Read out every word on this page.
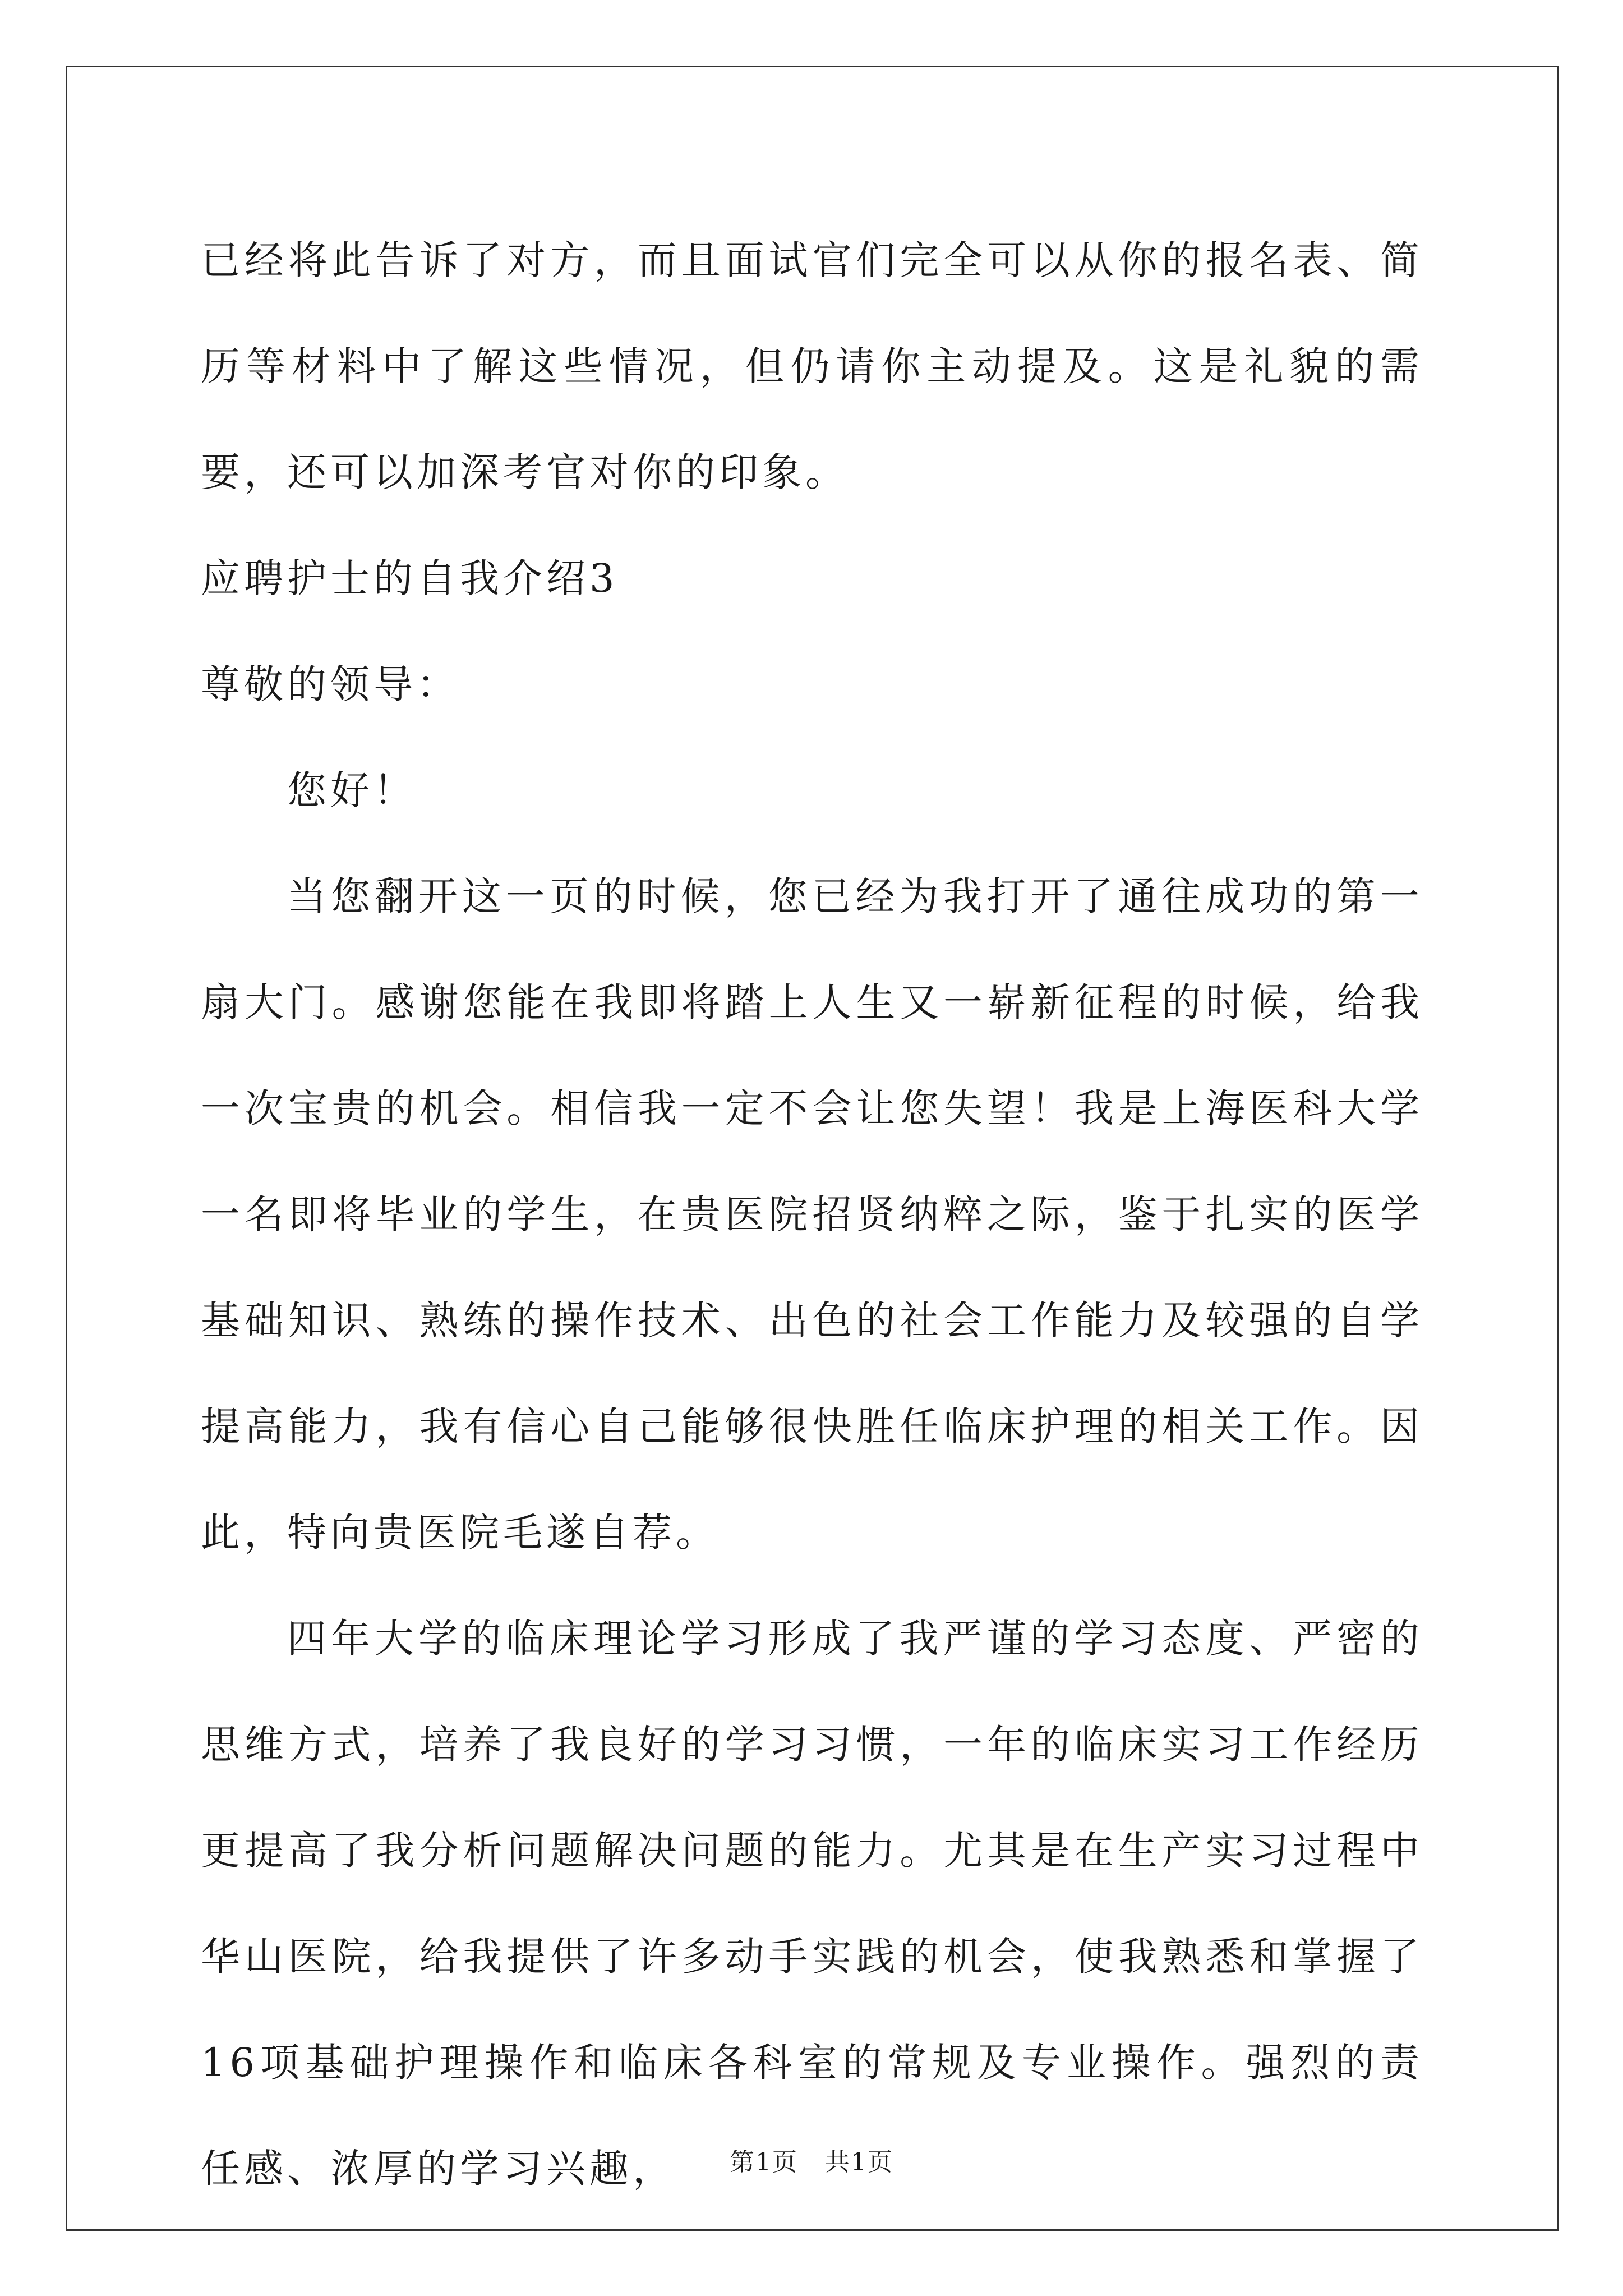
已经将此告诉了对方，而且面试官们完全可以从你的报名表、简历等材料中了解这些情况，但仍请你主动提及。这是礼貌的需要，还可以加深考官对你的印象。

应聘护士的自我介绍3

尊敬的领导：

您好！

当您翻开这一页的时候，您已经为我打开了通往成功的第一扇大门。感谢您能在我即将踏上人生又一崭新征程的时候，给我一次宝贵的机会。相信我一定不会让您失望！我是上海医科大学一名即将毕业的学生，在贵医院招贤纳粹之际，鉴于扎实的医学基础知识、熟练的操作技术、出色的社会工作能力及较强的自学提高能力，我有信心自己能够很快胜任临床护理的相关工作。因此，特向贵医院毛遂自荐。

四年大学的临床理论学习形成了我严谨的学习态度、严密的思维方式，培养了我良好的学习习惯，一年的临床实习工作经历更提高了我分析问题解决问题的能力。尤其是在生产实习过程中华山医院，给我提供了许多动手实践的机会，使我熟悉和掌握了16项基础护理操作和临床各科室的常规及专业操作。强烈的责任感、浓厚的学习兴趣，	第1页 共1页
